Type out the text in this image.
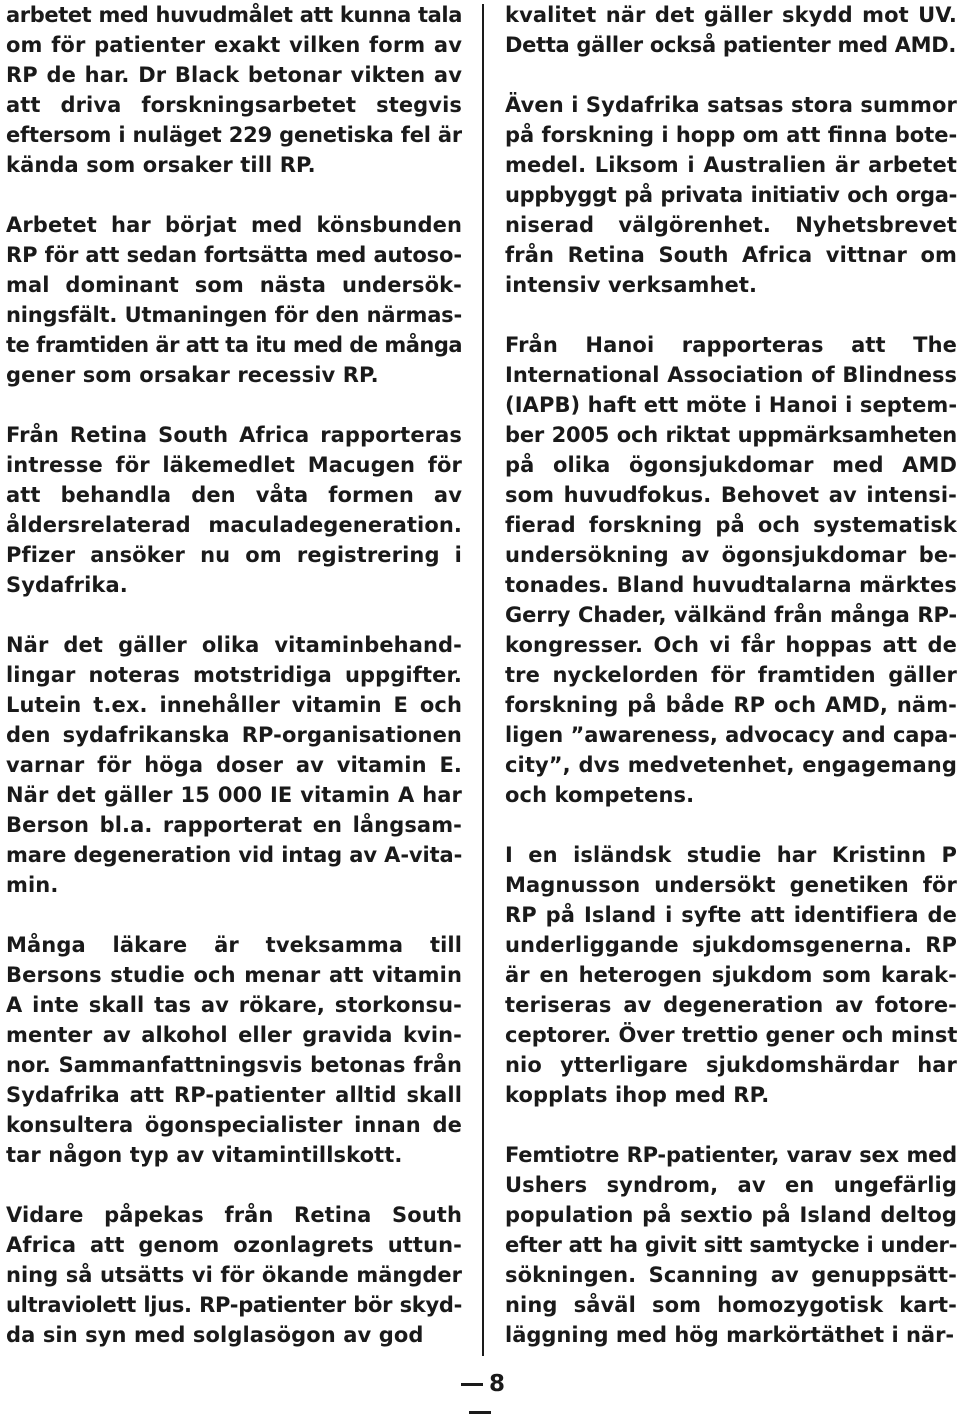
arbetet med huvudmålet att kunna tala
om för patienter exakt vilken form av
RP de har. Dr Black betonar vikten av
att driva forskningsarbetet stegvis
eftersom i nuläget 229 genetiska fel är
kända som orsaker till RP.
Arbetet har börjat med könsbunden
RP för att sedan fortsätta med autoso-
mal dominant som nästa undersök-
ningsfält. Utmaningen för den närmas-
te framtiden är att ta itu med de många
gener som orsakar recessiv RP.
Från Retina South Africa rapporteras
intresse för läkemedlet Macugen för
att behandla den våta formen av
åldersrelaterad maculadegeneration.
Pfizer ansöker nu om registrering i
Sydafrika.
När det gäller olika vitaminbehand-
lingar noteras motstridiga uppgifter.
Lutein t.ex. innehåller vitamin E och
den sydafrikanska RP-organisationen
varnar för höga doser av vitamin E.
När det gäller 15 000 IE vitamin A har
Berson bl.a. rapporterat en långsam-
mare degeneration vid intag av A-vita-
min.
Många läkare är tveksamma till
Bersons studie och menar att vitamin
A inte skall tas av rökare, storkonsu-
menter av alkohol eller gravida kvin-
nor. Sammanfattningsvis betonas från
Sydafrika att RP-patienter alltid skall
konsultera ögonspecialister innan de
tar någon typ av vitamintillskott.
Vidare påpekas från Retina South
Africa att genom ozonlagrets uttun-
ning så utsätts vi för ökande mängder
ultraviolett ljus. RP-patienter bör skyd-
da sin syn med solglasögon av god
kvalitet när det gäller skydd mot UV.
Detta gäller också patienter med AMD.
Även i Sydafrika satsas stora summor
på forskning i hopp om att finna bote-
medel. Liksom i Australien är arbetet
uppbyggt på privata initiativ och orga-
niserad välgörenhet. Nyhetsbrevet
från Retina South Africa vittnar om
intensiv verksamhet.
Från Hanoi rapporteras att The
International Association of Blindness
(IAPB) haft ett möte i Hanoi i septem-
ber 2005 och riktat uppmärksamheten
på olika ögonsjukdomar med AMD
som huvudfokus. Behovet av intensi-
fierad forskning på och systematisk
undersökning av ögonsjukdomar be-
tonades. Bland huvudtalarna märktes
Gerry Chader, välkänd från många RP-
kongresser. Och vi får hoppas att de
tre nyckelorden för framtiden gäller
forskning på både RP och AMD, näm-
ligen ”awareness, advocacy and capa-
city”, dvs medvetenhet, engagemang
och kompetens.
I en isländsk studie har Kristinn P
Magnusson undersökt genetiken för
RP på Island i syfte att identifiera de
underliggande sjukdomsgenerna. RP
är en heterogen sjukdom som karak-
teriseras av degeneration av fotore-
ceptorer. Över trettio gener och minst
nio ytterligare sjukdomshärdar har
kopplats ihop med RP.
Femtiotre RP-patienter, varav sex med
Ushers syndrom, av en ungefärlig
population på sextio på Island deltog
efter att ha givit sitt samtycke i under-
sökningen. Scanning av genuppsätt-
ning såväl som homozygotisk kart-
läggning med hög markörtäthet i när-
8
